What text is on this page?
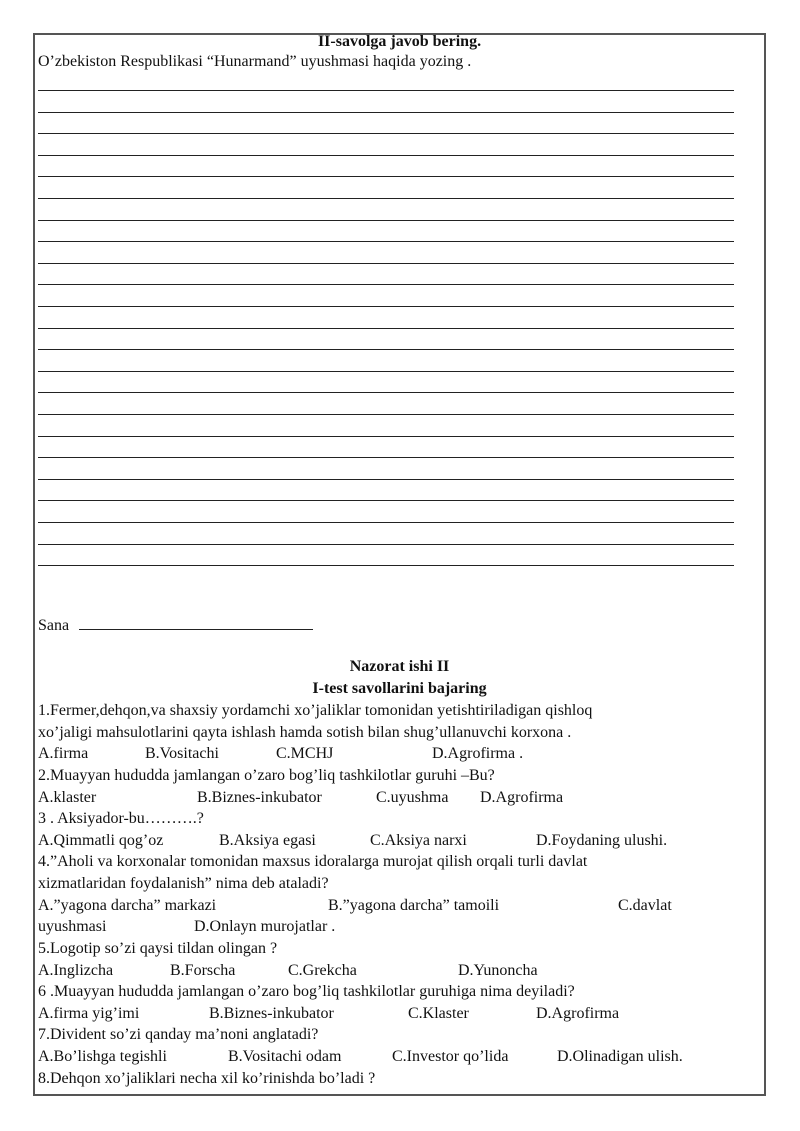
II-savolga javob bering.
O’zbekiston Respublikasi “Hunarmand” uyushmasi haqida yozing .
Sana
Nazorat ishi II
I-test savollarini bajaring
1.Fermer,dehqon,va shaxsiy yordamchi xo’jaliklar tomonidan yetishtiriladigan qishloq
xo’jaligi mahsulotlarini qayta ishlash hamda sotish bilan shug’ullanuvchi korxona .
A.firma	B.Vositachi	C.MCHJ	D.Agrofirma .
2.Muayyan hududda jamlangan o’zaro bog’liq tashkilotlar guruhi –Bu?
A.klaster	B.Biznes-inkubator	C.uyushma D.Agrofirma
3 . Aksiyador-bu……….?
A.Qimmatli qog’oz	B.Aksiya egasi	C.Aksiya narxi	D.Foydaning ulushi.
4.”Aholi va korxonalar tomonidan maxsus idoralarga murojat qilish orqali turli davlat
xizmatlaridan foydalanish” nima deb ataladi?
A.”yagona darcha” markazi	B.”yagona darcha” tamoili	C.davlat
uyushmasi	D.Onlayn murojatlar .
5.Logotip so’zi qaysi tildan olingan ?
A.Inglizcha	B.Forscha	C.Grekcha	D.Yunoncha
6 .Muayyan hududda jamlangan o’zaro bog’liq tashkilotlar guruhiga nima deyiladi?
A.firma yig’imi	B.Biznes-inkubator	C.Klaster	D.Agrofirma
7.Divident so’zi qanday ma’noni anglatadi?
A.Bo’lishga tegishli	B.Vositachi odam	C.Investor qo’lida	D.Olinadigan ulish.
8.Dehqon xo’jaliklari necha xil ko’rinishda bo’ladi ?
